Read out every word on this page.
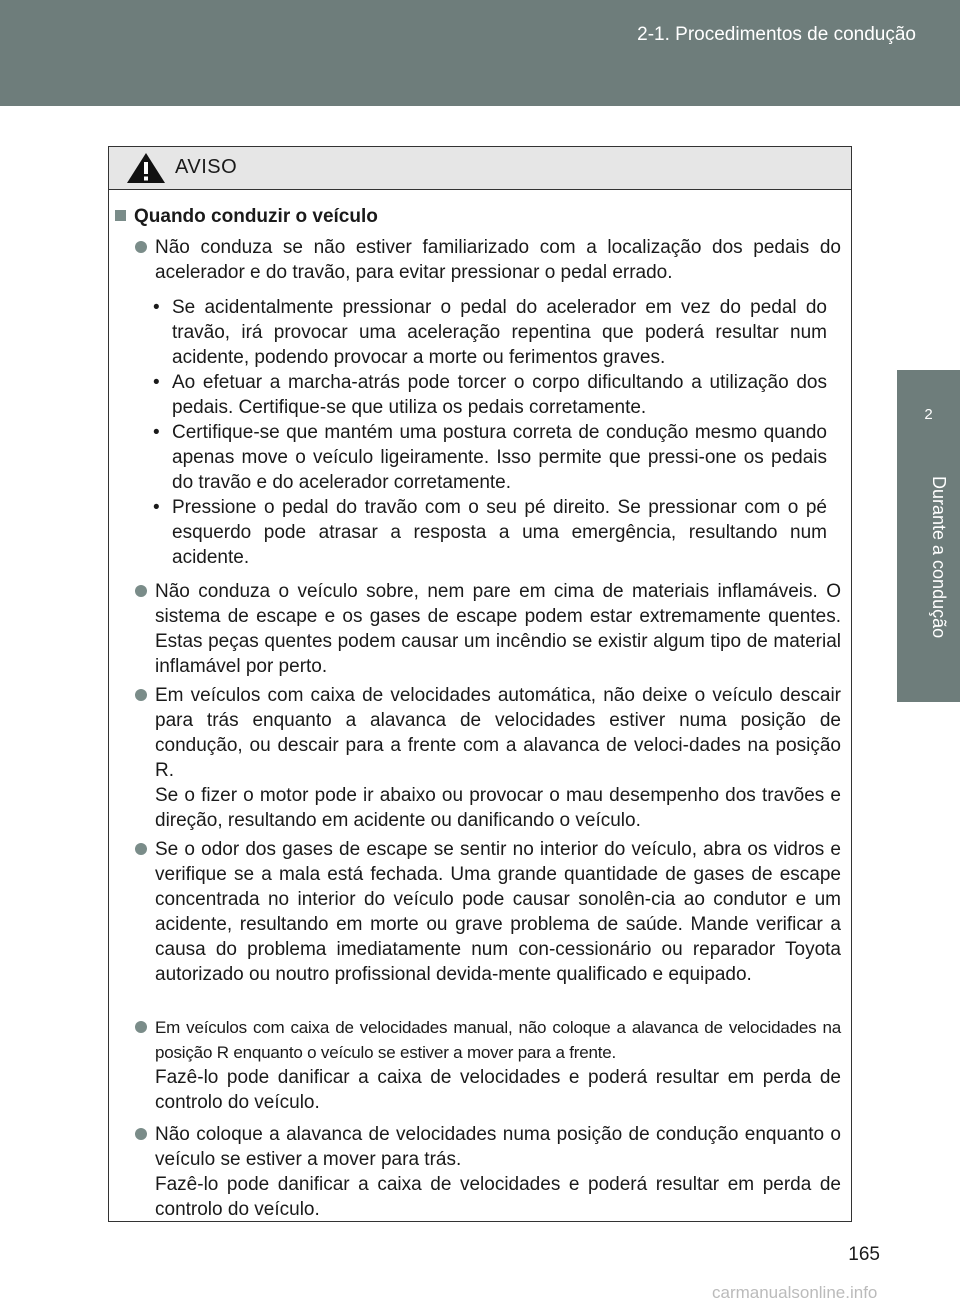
2-1. Procedimentos de condução
2
Durante a condução
AVISO
Quando conduzir o veículo

Não conduza se não estiver familiarizado com a localização dos pedais do acelerador e do travão, para evitar pressionar o pedal errado.

• Se acidentalmente pressionar o pedal do acelerador em vez do pedal do travão, irá provocar uma aceleração repentina que poderá resultar num acidente, podendo provocar a morte ou ferimentos graves.
• Ao efetuar a marcha-atrás pode torcer o corpo dificultando a utilização dos pedais. Certifique-se que utiliza os pedais corretamente.
• Certifique-se que mantém uma postura correta de condução mesmo quando apenas move o veículo ligeiramente. Isso permite que pressi-one os pedais do travão e do acelerador corretamente.
• Pressione o pedal do travão com o seu pé direito. Se pressionar com o pé esquerdo pode atrasar a resposta a uma emergência, resultando num acidente.

Não conduza o veículo sobre, nem pare em cima de materiais inflamáveis. O sistema de escape e os gases de escape podem estar extremamente quentes. Estas peças quentes podem causar um incêndio se existir algum tipo de material inflamável por perto.

Em veículos com caixa de velocidades automática, não deixe o veículo descair para trás enquanto a alavanca de velocidades estiver numa posição de condução, ou descair para a frente com a alavanca de veloci-dades na posição R.

Se o fizer o motor pode ir abaixo ou provocar o mau desempenho dos travões e direção, resultando em acidente ou danificando o veículo.

Se o odor dos gases de escape se sentir no interior do veículo, abra os vidros e verifique se a mala está fechada. Uma grande quantidade de gases de escape concentrada no interior do veículo pode causar sonolên-cia ao condutor e um acidente, resultando em morte ou grave problema de saúde. Mande verificar a causa do problema imediatamente num con-cessionário ou reparador Toyota autorizado ou noutro profissional devida-mente qualificado e equipado.

Em veículos com caixa de velocidades manual, não coloque a alavanca de velocidades na posição R enquanto o veículo se estiver a mover para a frente.

Fazê-lo pode danificar a caixa de velocidades e poderá resultar em perda de controlo do veículo.

Não coloque a alavanca de velocidades numa posição de condução enquanto o veículo se estiver a mover para trás.

Fazê-lo pode danificar a caixa de velocidades e poderá resultar em perda de controlo do veículo.

165
carmanualsonline.info
